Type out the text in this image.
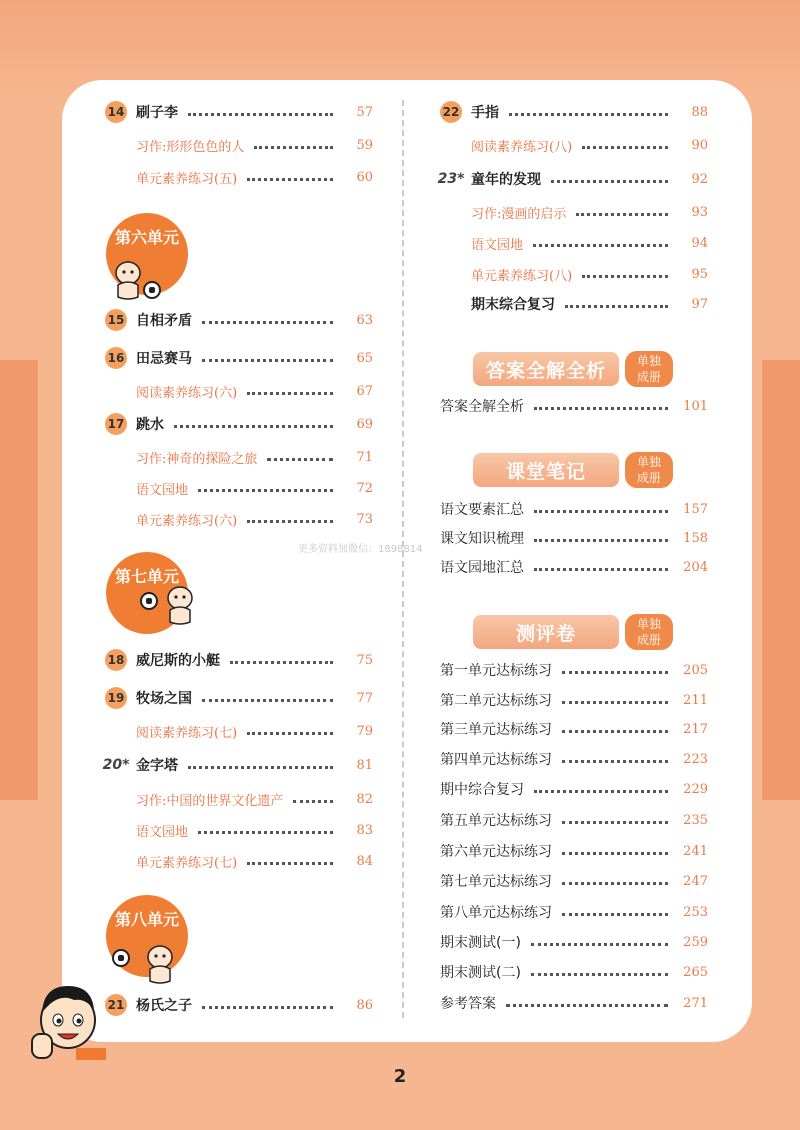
14 刷子李	57
习作:形形色色的人	59
单元素养练习(五)	60
第六单元
15 自相矛盾	63
16 田忌赛马	65
阅读素养练习(六)	67
17 跳水	69
习作:神奇的探险之旅	71
语文园地	72
单元素养练习(六)	73
第七单元
18 威尼斯的小艇	75
19 牧场之国	77
阅读素养练习(七)	79
20* 金字塔	81
习作:中国的世界文化遗产	82
语文园地	83
单元素养练习(七)	84
第八单元
21 杨氏之子	86
22 手指	88
阅读素养练习(八)	90
23* 童年的发现	92
习作:漫画的启示	93
语文园地	94
单元素养练习(八)	95
期末综合复习	97
答案全解全析	单独
成册
答案全解全析	101
课堂笔记	单独
成册
语文要素汇总	157
课文知识梳理	158
语文园地汇总	204
测评卷	单独
成册
第一单元达标练习	205
第二单元达标练习	211
第三单元达标练习	217
第四单元达标练习	223
期中综合复习	229
第五单元达标练习	235
第六单元达标练习	241
第七单元达标练习	247
第八单元达标练习	253
期末测试(一)	259
期末测试(二)	265
参考答案	271
更多资料加微信：1898814
2
